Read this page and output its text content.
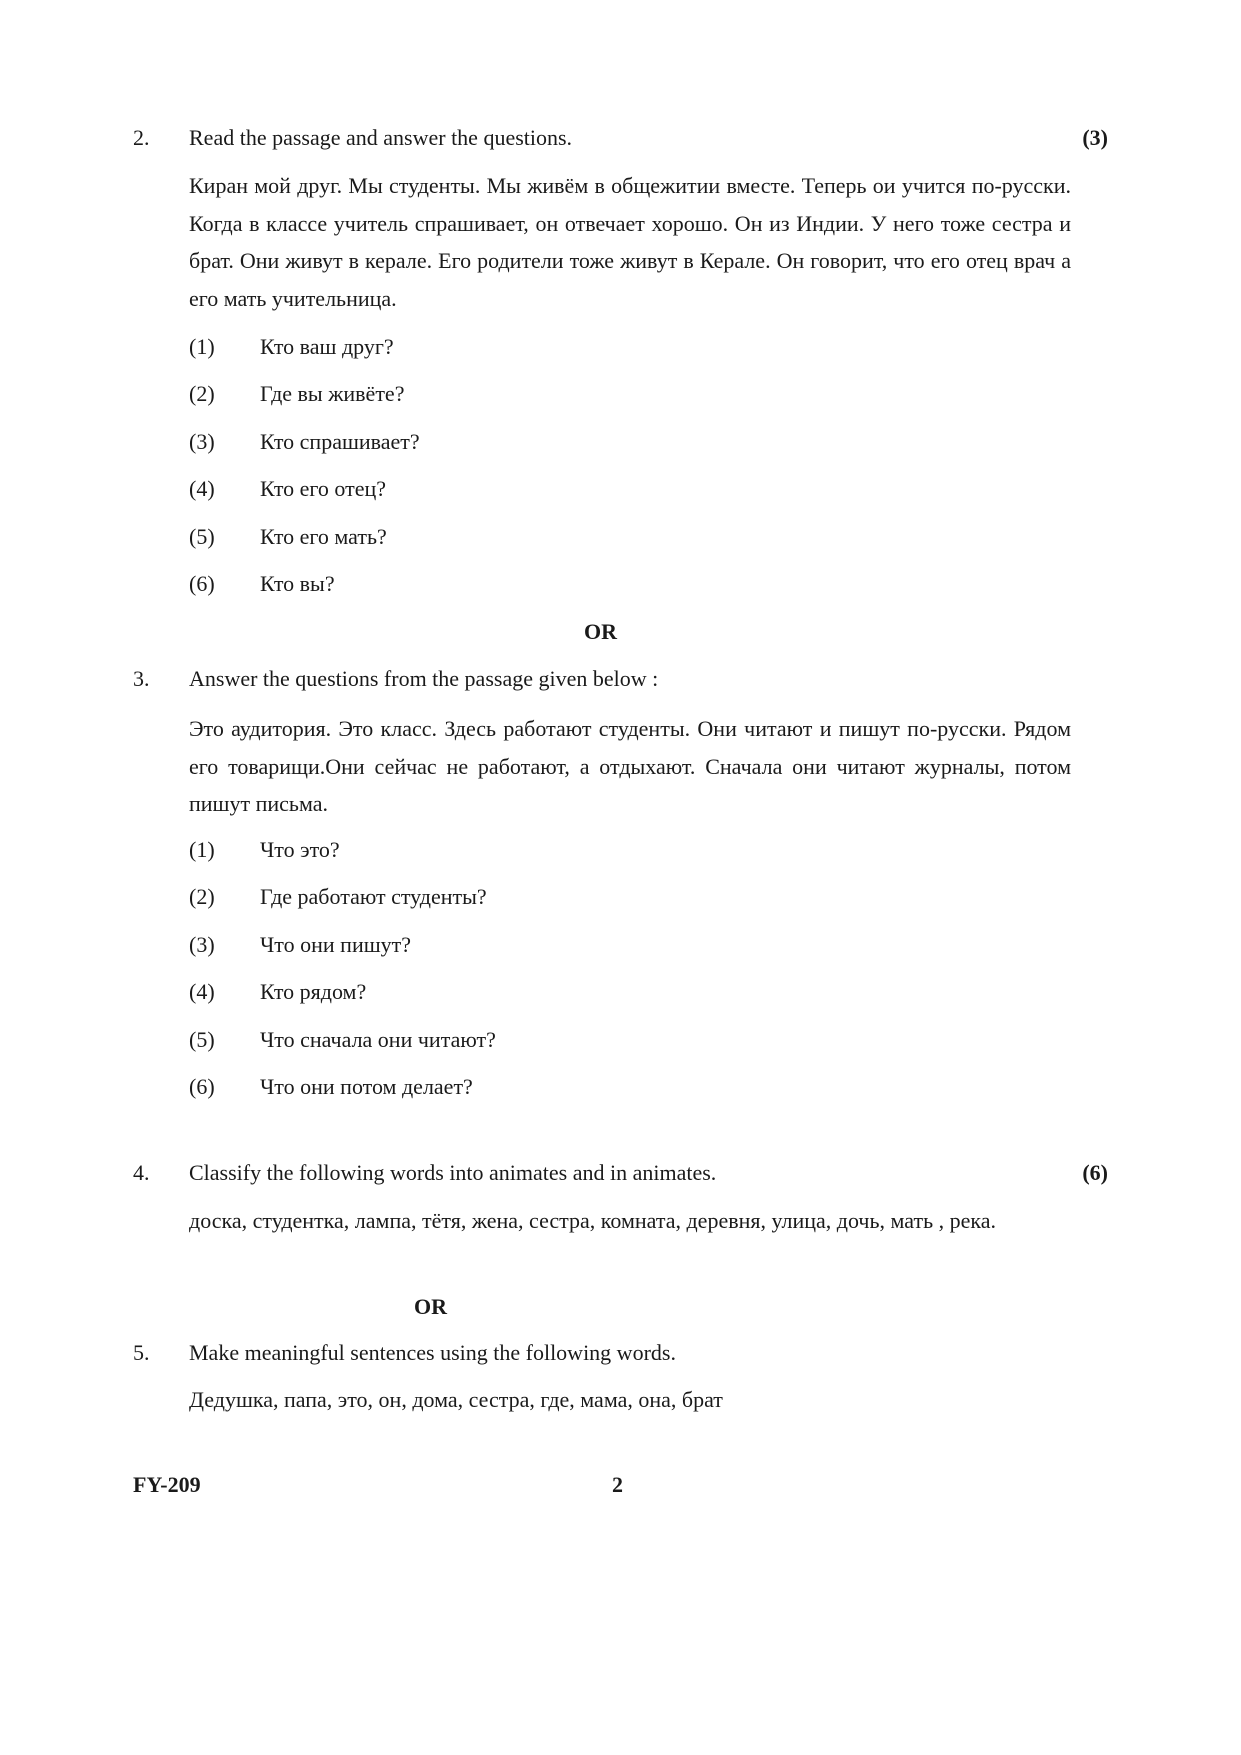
2. Read the passage and answer the questions.	(3)
Киран мой друг. Мы студенты. Мы живём в общежитии вместе. Теперь ои учится по-русски. Когда в классе учитель спрашивает, он отвечает хорошо. Он из Индии. У него тоже сестра и брат. Они живут в керале. Его родители тоже живут в Керале. Он говорит, что его отец врач а его мать учительница.
(1) Кто ваш друг?
(2) Где вы живёте?
(3) Кто спрашивает?
(4) Кто его отец?
(5) Кто его мать?
(6) Кто вы?
OR
3. Answer the questions from the passage given below :
Это аудитория. Это класс. Здесь работают студенты. Они читают и пишут по-русски. Рядом его товарищи.Они сейчас не работают, а отдыхают. Сначала они читают журналы, потом пишут письма.
(1) Что это?
(2) Где работают студенты?
(3) Что они пишут?
(4) Кто рядом?
(5) Что сначала они читают?
(6) Что они потом делает?
4. Classify the following words into animates and in animates.	(6)
доска, студентка, лампа, тётя, жена, сестра, комната, деревня, улица, дочь, мать , река.
OR
5. Make meaningful sentences using the following words.
Дедушка, папа, это, он, дома, сестра, где, мама, она, брат
FY-209	2
